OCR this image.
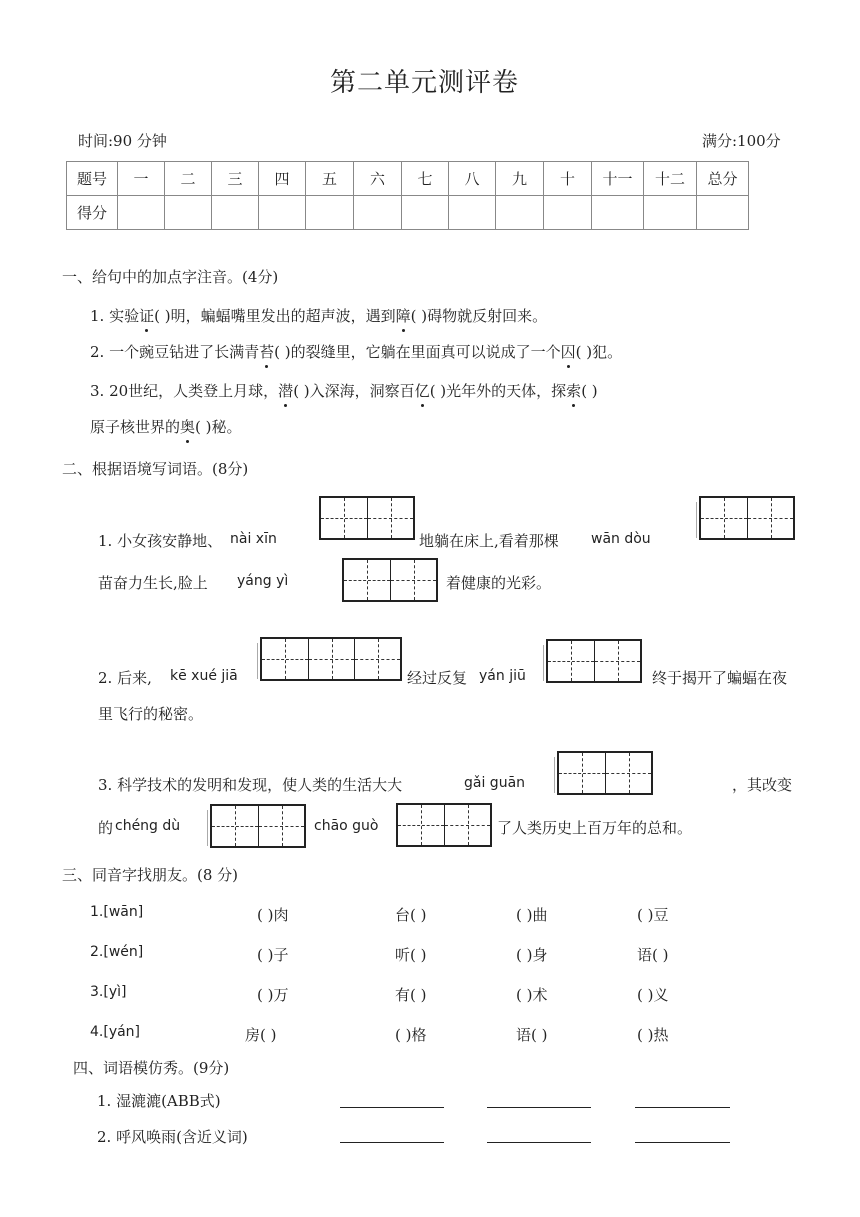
第二单元测评卷
时间:90 分钟	满分:100分
题号	一	二	三	四	五	六	七	八	九	十	十一	十二	总分
得分													
一、给句中的加点字注音。(4分)
1. 实验证( )明，蝙蝠嘴里发出的超声波，遇到障( )碍物就反射回来。
2. 一个豌豆钻进了长满青苔( )的裂缝里，它躺在里面真可以说成了一个囚( )犯。
3. 20世纪，人类登上月球，潜( )入深海，洞察百亿( )光年外的天体，探索( )
原子核世界的奥( )秘。
二、根据语境写词语。(8分)
1. 小女孩安静地、 nài xīn	地躺在床上,看着那棵 wān dòu
苗奋力生长,脸上 yáng yì	着健康的光彩。
2. 后来, kē xué jiā	经过反复 yán jiū	终于揭开了蝙蝠在夜
里飞行的秘密。
3. 科学技术的发明和发现，使人类的生活大大	gǎi guān	，其改变
的 chéng dù	chāo guò	了人类历史上百万年的总和。
三、同音字找朋友。(8 分)
1.[wān]	( )肉	台( )	( )曲	( )豆
2.[wén]	( )子	听( )	( )身	语( )
3.[yì]	( )万	有( )	( )术	( )义
4.[yán]	房( )	( )格	语( )	( )热
四、词语模仿秀。(9分)
1. 湿漉漉(ABB式)
2. 呼风唤雨(含近义词)
